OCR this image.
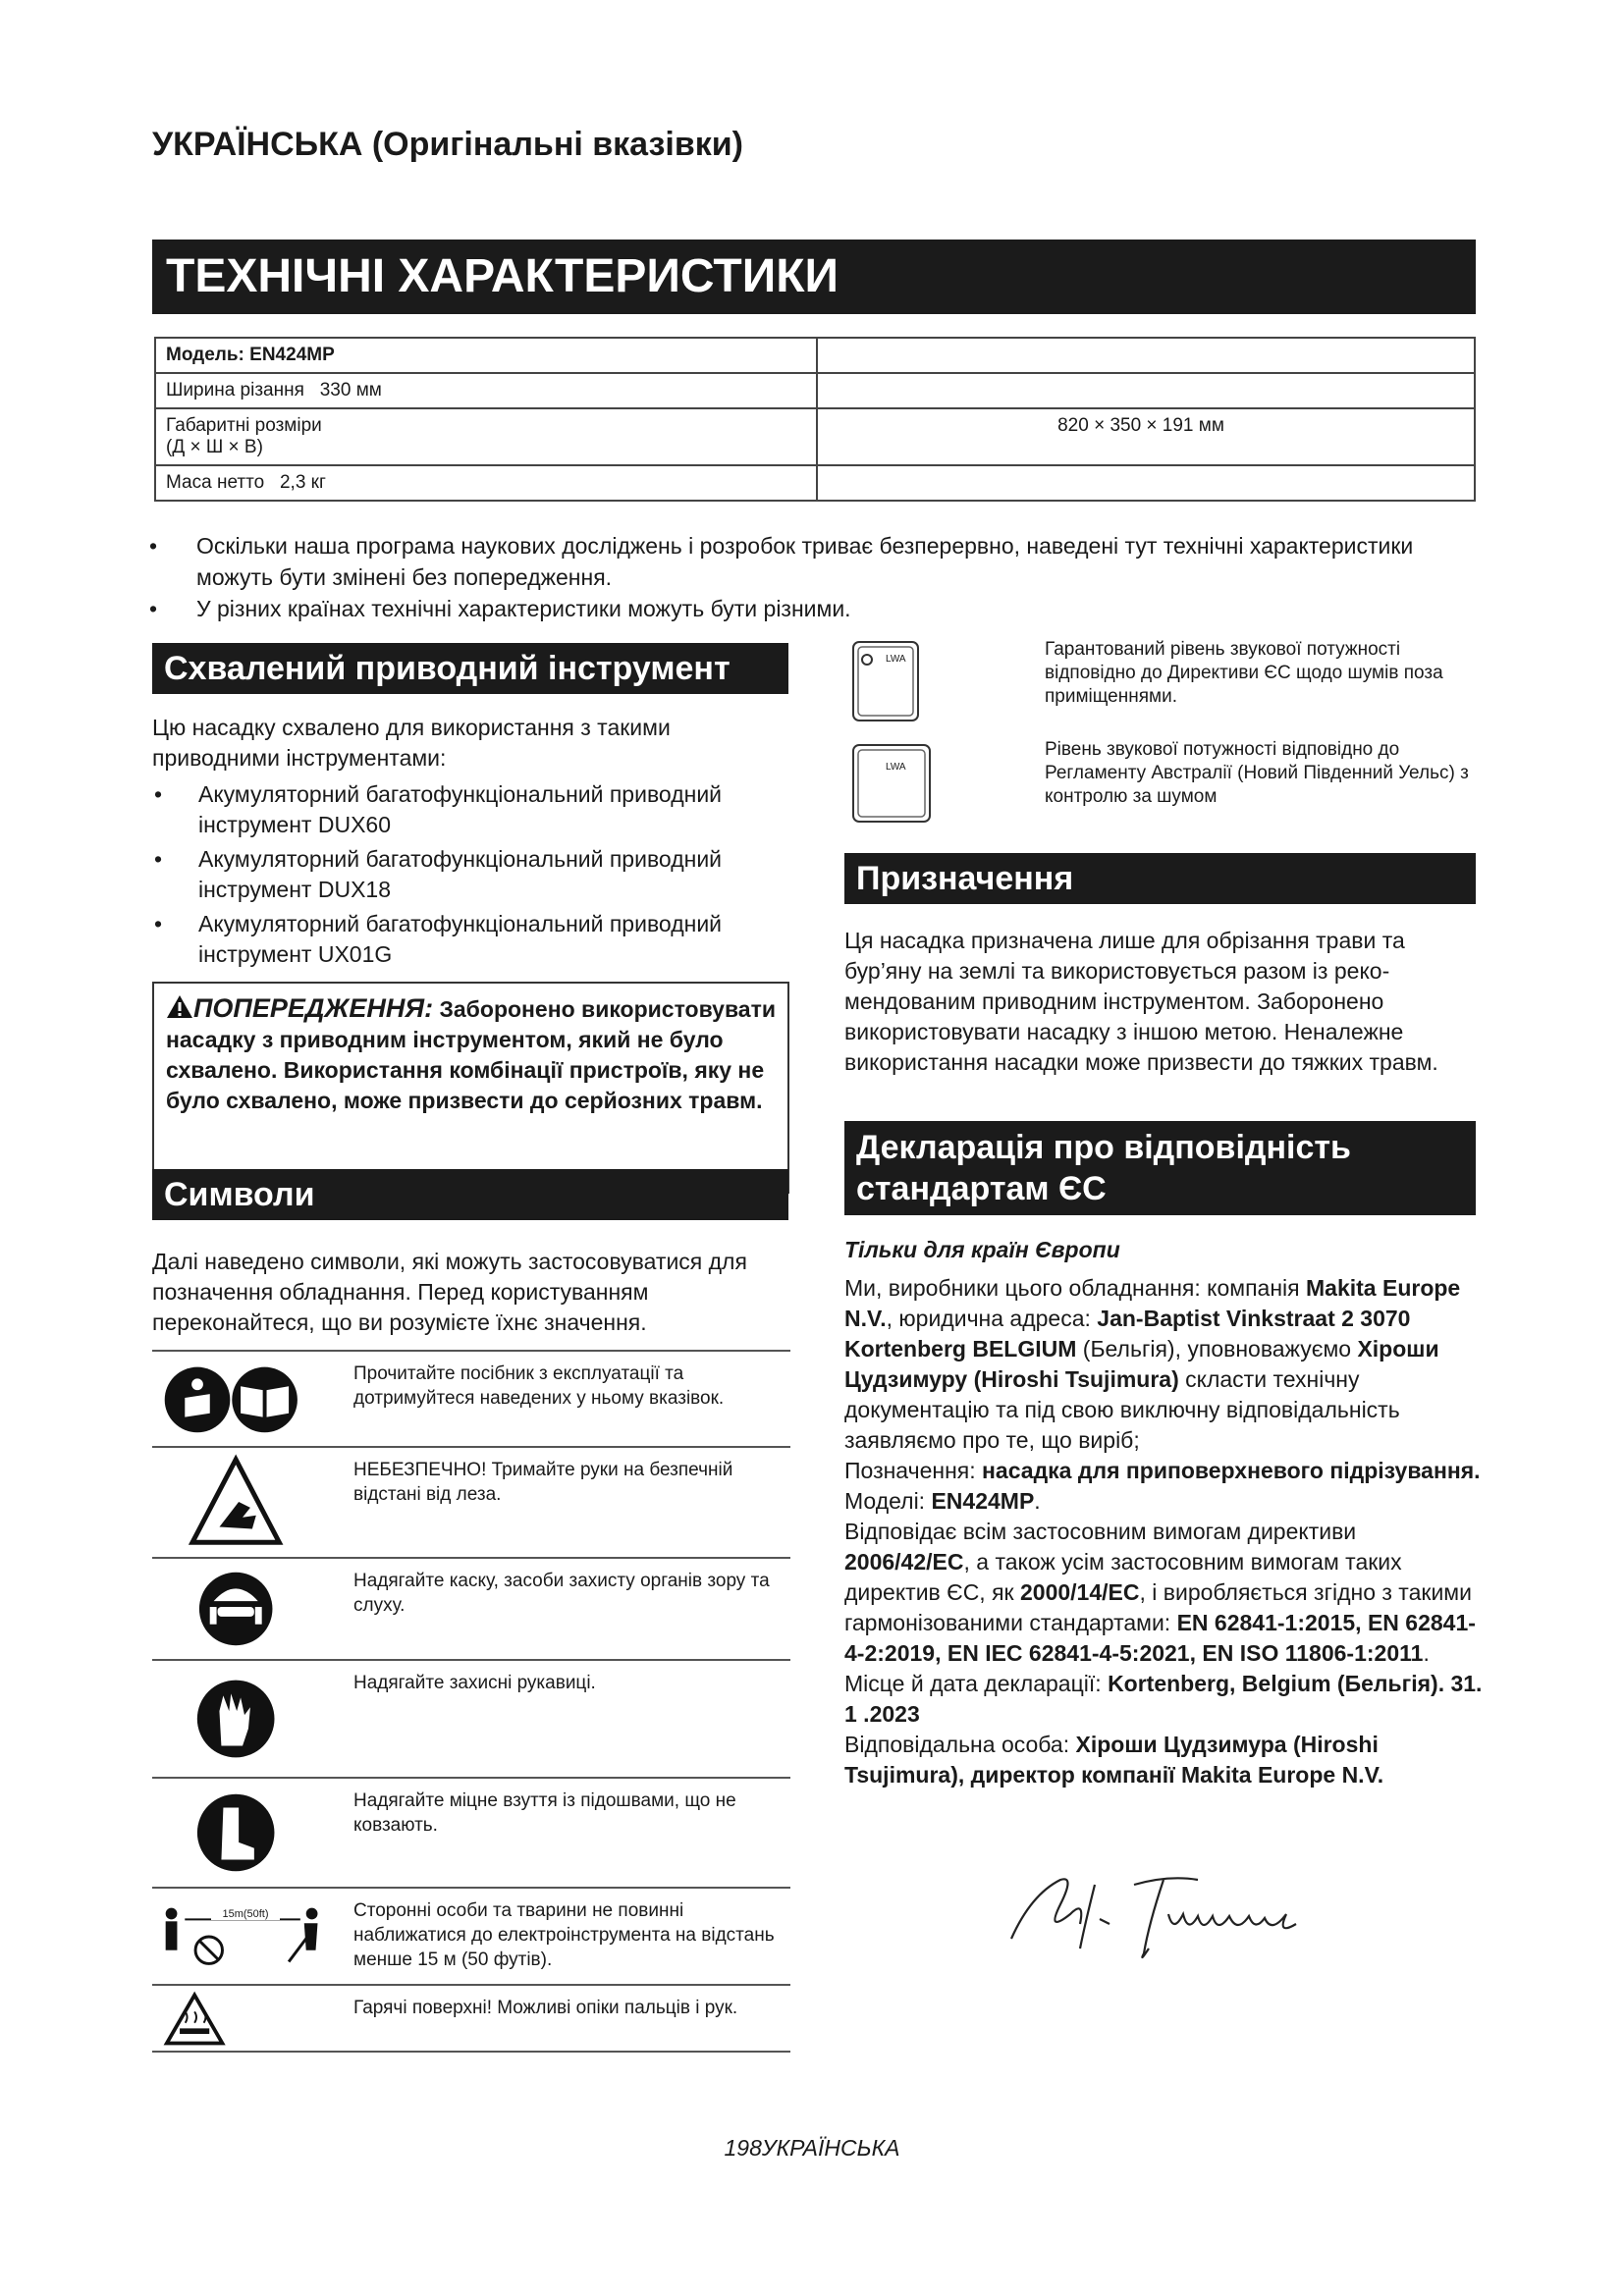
УКРАЇНСЬКА (Оригінальні вказівки)
ТЕХНІЧНІ ХАРАКТЕРИСТИКИ
Модель: EN424MP	
Ширина різання 330 мм	

Габаритні розміри
(Д × Ш × В)	820 × 350 × 191 мм
Маса нетто 2,3 кг	
• Оскільки наша програма наукових досліджень і розробок триває безперервно, наведені тут технічні характеристики можуть бути змінені без попередження.
• У різних країнах технічні характеристики можуть бути різними.
Схвалений приводний інструмент
Цю насадку схвалено для використання з такими приводними інструментами:
• Акумуляторний багатофункціональний приводний інструмент DUX60
• Акумуляторний багатофункціональний приводний інструмент DUX18
• Акумуляторний багатофункціональний приводний інструмент UX01G
ПОПЕРЕДЖЕННЯ: Заборонено використовувати насадку з приводним інструментом, який не було схвалено. Використання комбінації пристроїв, яку не було схвалено, може призвести до серйозних травм.
Символи
Далі наведено символи, які можуть застосовуватися для позначення обладнання. Перед користуванням переконайтеся, що ви розумієте їхнє значення.
Прочитайте посібник з експлуатації та дотримуйтеся наведених у ньому вказівок.
НЕБЕЗПЕЧНО! Тримайте руки на безпечній відстані від леза.
Надягайте каску, засоби захисту органів зору та слуху.
Надягайте захисні рукавиці.
Надягайте міцне взуття із підошвами, що не ковзають.
15m(50ft)	Сторонні особи та тварини не повинні наближатися до електроінструмента на відстань менше 15 м (50 футів).
Гарячі поверхні! Можливі опіки пальців і рук.
LWA	Гарантований рівень звукової потужності відповідно до Директиви ЄС щодо шумів поза приміщеннями.
LWA
Рівень звукової потужності відповідно до Регламенту Австралії (Новий Південний Уельс) з контролю за шумом
Призначення
Ця насадка призначена лише для обрізання трави та бур’яну на землі та використовується разом із рекомендованим приводним інструментом. Заборонено використовувати насадку з іншою метою. Неналежне використання насадки може призвести до тяжких травм.
Декларація про відповідність
стандартам ЄС
Тільки для країн Європи
Ми, виробники цього обладнання: компанія Makita Europe N.V., юридична адреса: Jan-Baptist Vinkstraat 2 3070 Kortenberg BELGIUM (Бельгія), уповноважуємо Хіроши Цудзимуру (Hiroshi Tsujimura) скласти технічну документацію та під свою виключну відповідальність заявляємо про те, що виріб;
Позначення: насадка для приповерхневого підрізування. Моделі: EN424MP.
Відповідає всім застосовним вимогам директиви 2006/42/EC, а також усім застосовним вимогам таких директив ЄС, як 2000/14/EC, і виробляється згідно з такими гармонізованими стандартами: EN 62841-1:2015, EN 62841-4-2:2019, EN IEC 62841-4-5:2021, EN ISO 11806-1:2011.
Місце й дата декларації: Kortenberg, Belgium (Бельгія). 31. 1 .2023
Відповідальна особа: Хіроши Цудзимура (Hiroshi Tsujimura), директор компанії Makita Europe N.V.
198УКРАЇНСЬКА
